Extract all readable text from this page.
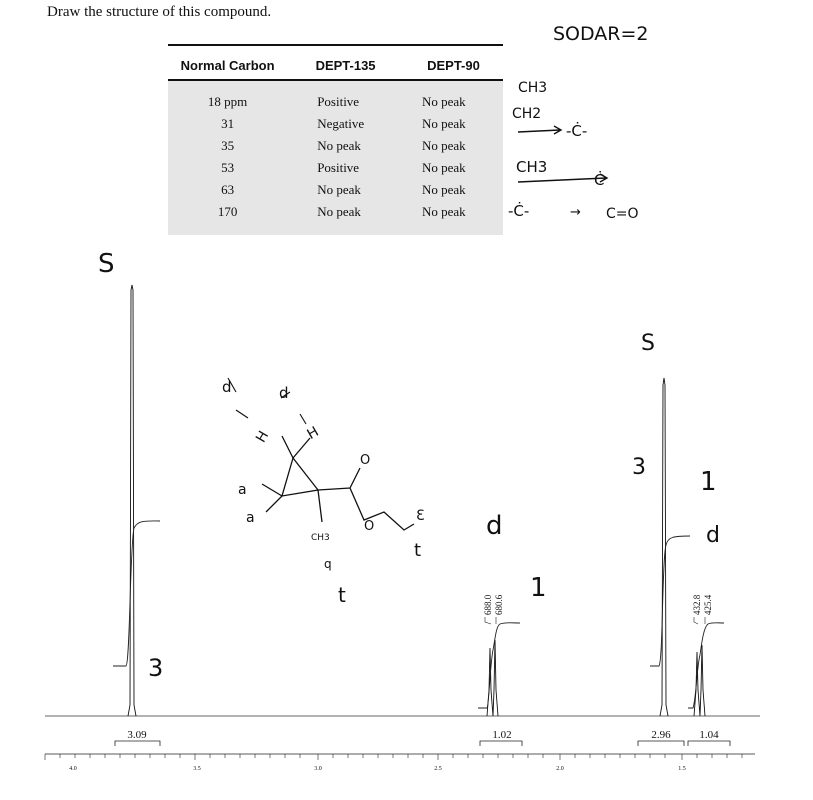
Draw the structure of this compound.
Normal Carbon	DEPT-135	DEPT-90
18 ppm	Positive	No peak
31	Negative	No peak
35	No peak	No peak
53	Positive	No peak
63	No peak	No peak
170	No peak	No peak
SODAR=2
CH3
CH2
-Ċ-
CH3
Ċ
-Ċ-	→ C=O
4.0	3.5	3.0	2.5	2.0	1.5
3.09	1.02	2.96	1.04
688.0 680.6	432.8 425.4
S
3
S
3
d
1
1
d
d	d
H H
O
O
a
a
CH3
q
t
t
Ɛ
